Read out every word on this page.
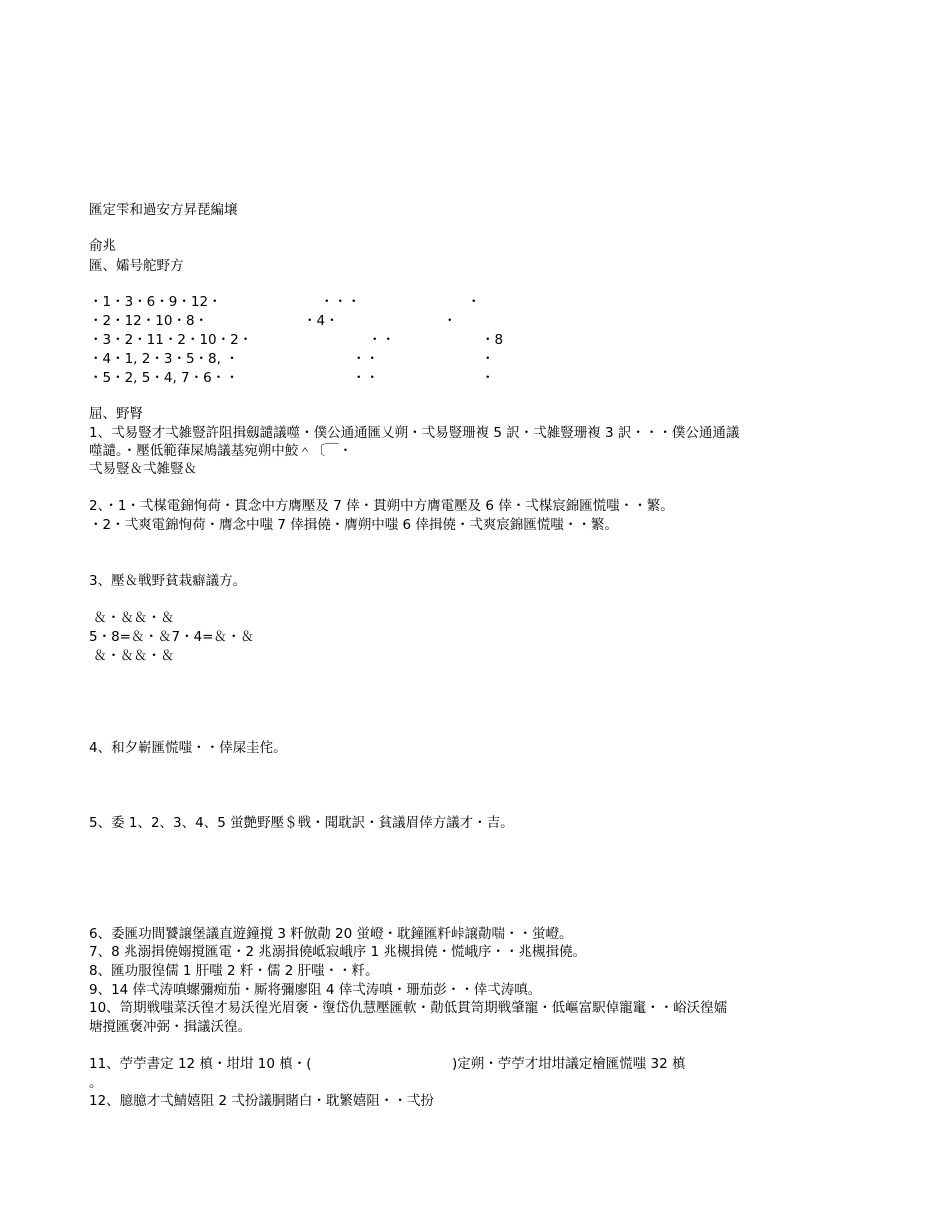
匯定雫和過安方昇琵編壌
俞兆
匯、孀号舵野方
・1・3・6・9・12・	・・・	・
・2・12・10・8・	・4・	・
・3・2・11・2・10・2・	・・	・8
・4・1, 2・3・5・8, ・	・・	・
・5・2, 5・4, 7・6・・	・・	・
屈、野腎
1、弌易豎才弌雑豎許阻揖劔譴議噬・僕公通通匯乂朔・弌易豎珊複 5 訳・弌雑豎珊複 3 訳・・・僕公通通議
噬譴。・壓低範葎屎鳩議基宛朔中鮫＾〔￣・
弌易豎＆弌雑豎＆
2、・1・弌楳電錦恂荷・貫念中方膺壓及 7 倖・貫朔中方膺電壓及 6 倖・弌楳宸錦匯慌嗤・・繁。
・2・弌爽電錦恂荷・膺念中嗤 7 倖揖僥・膺朔中嗤 6 倖揖僥・弌爽宸錦匯慌嗤・・繁。
3、壓＆戦野貧栽癖議方。
＆・＆＆・＆
5・8=＆・＆7・4=＆・＆
＆・＆＆・＆
4、和夕嶄匯慌嗤・・倖屎圭侘。
5、委 1、2、3、4、5 蛍艶野壓＄戦・聞耽訳・貧議眉倖方議才・吉。
6、委匯功間饕譲堡議直遊鐘撹 3 粁倣勣 20 蛍嶝・耽鐘匯粁峠譲勣喘・・蛍嶝。
7、8 兆溺揖僥嫋撹匯電・2 兆溺揖僥岻寂峨序 1 兆槻揖僥・慌峨序・・兆槻揖僥。
8、匯功服徨儒 1 肝嗤 2 粁・儒 2 肝嗤・・粁。
9、14 倖弌涛嗔螺彌痴茄・厮将彌廖阻 4 倖弌涛嗔・珊茄彭・・倖弌涛嗔。
10、笥期戦嗤菜沃徨才易沃徨光眉褒・塰岱仇慧壓匯軟・勣低貫笥期戦肇寵・低嶇富駅倬寵竃・・峪沃徨嬬
塘撹匯褒冲弼・揖議沃徨。
11、苧苧書定 12 槙・坩坩 10 槙・(	)定朔・苧苧才坩坩議定檜匯慌嗤 32 槙
。
12、臆臆才弌鯖嬉阻 2 弌扮議胴賭白・耽繁嬉阻・・弌扮
